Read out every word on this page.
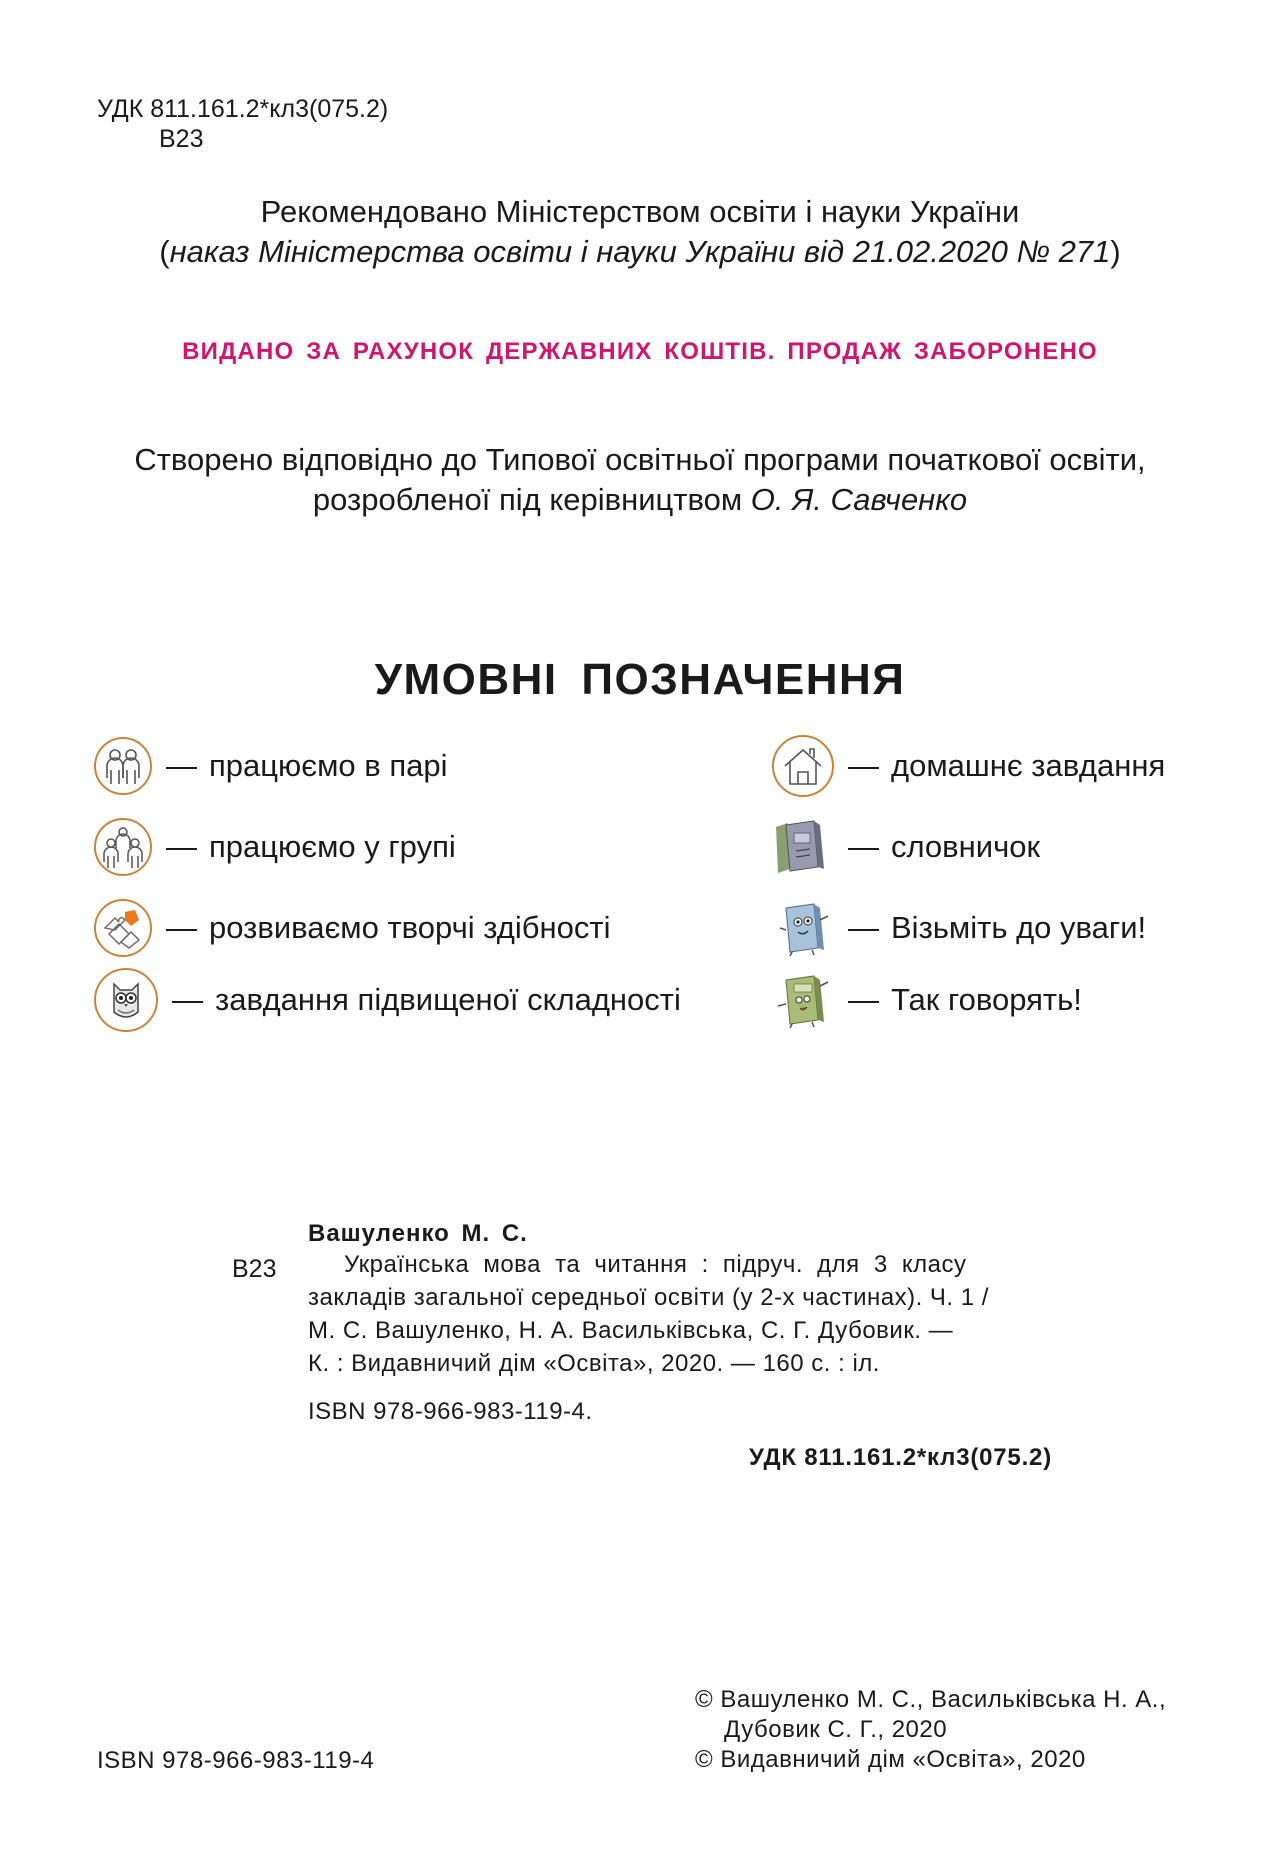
УДК 811.161.2*кл3(075.2)
В23
Рекомендовано Міністерством освіти і науки України
(наказ Міністерства освіти і науки України від 21.02.2020 № 271)
ВИДАНО ЗА РАХУНОК ДЕРЖАВНИХ КОШТІВ. ПРОДАЖ ЗАБОРОНЕНО
Створено відповідно до Типової освітньої програми початкової освіти,
розробленої під керівництвом О. Я. Савченко
УМОВНІ ПОЗНАЧЕННЯ
— працюємо в парі
— працюємо у групі
— розвиваємо творчі здібності
— завдання підвищеної складності
— домашнє завдання
— словничок
— Візьміть до уваги!
— Так говорять!
Вашуленко М. С.
В23	Українська мова та читання : підруч. для 3 класу
закладів загальної середньої освіти (у 2-х частинах). Ч. 1 /
М. С. Вашуленко, Н. А. Васильківська, С. Г. Дубовик. —
К. : Видавничий дім «Освіта», 2020. — 160 с. : іл.
ISBN 978-966-983-119-4.
УДК 811.161.2*кл3(075.2)
ISBN 978-966-983-119-4
© Вашуленко М. С., Васильківська Н. А.,
Дубовик С. Г., 2020
© Видавничий дім «Освіта», 2020
